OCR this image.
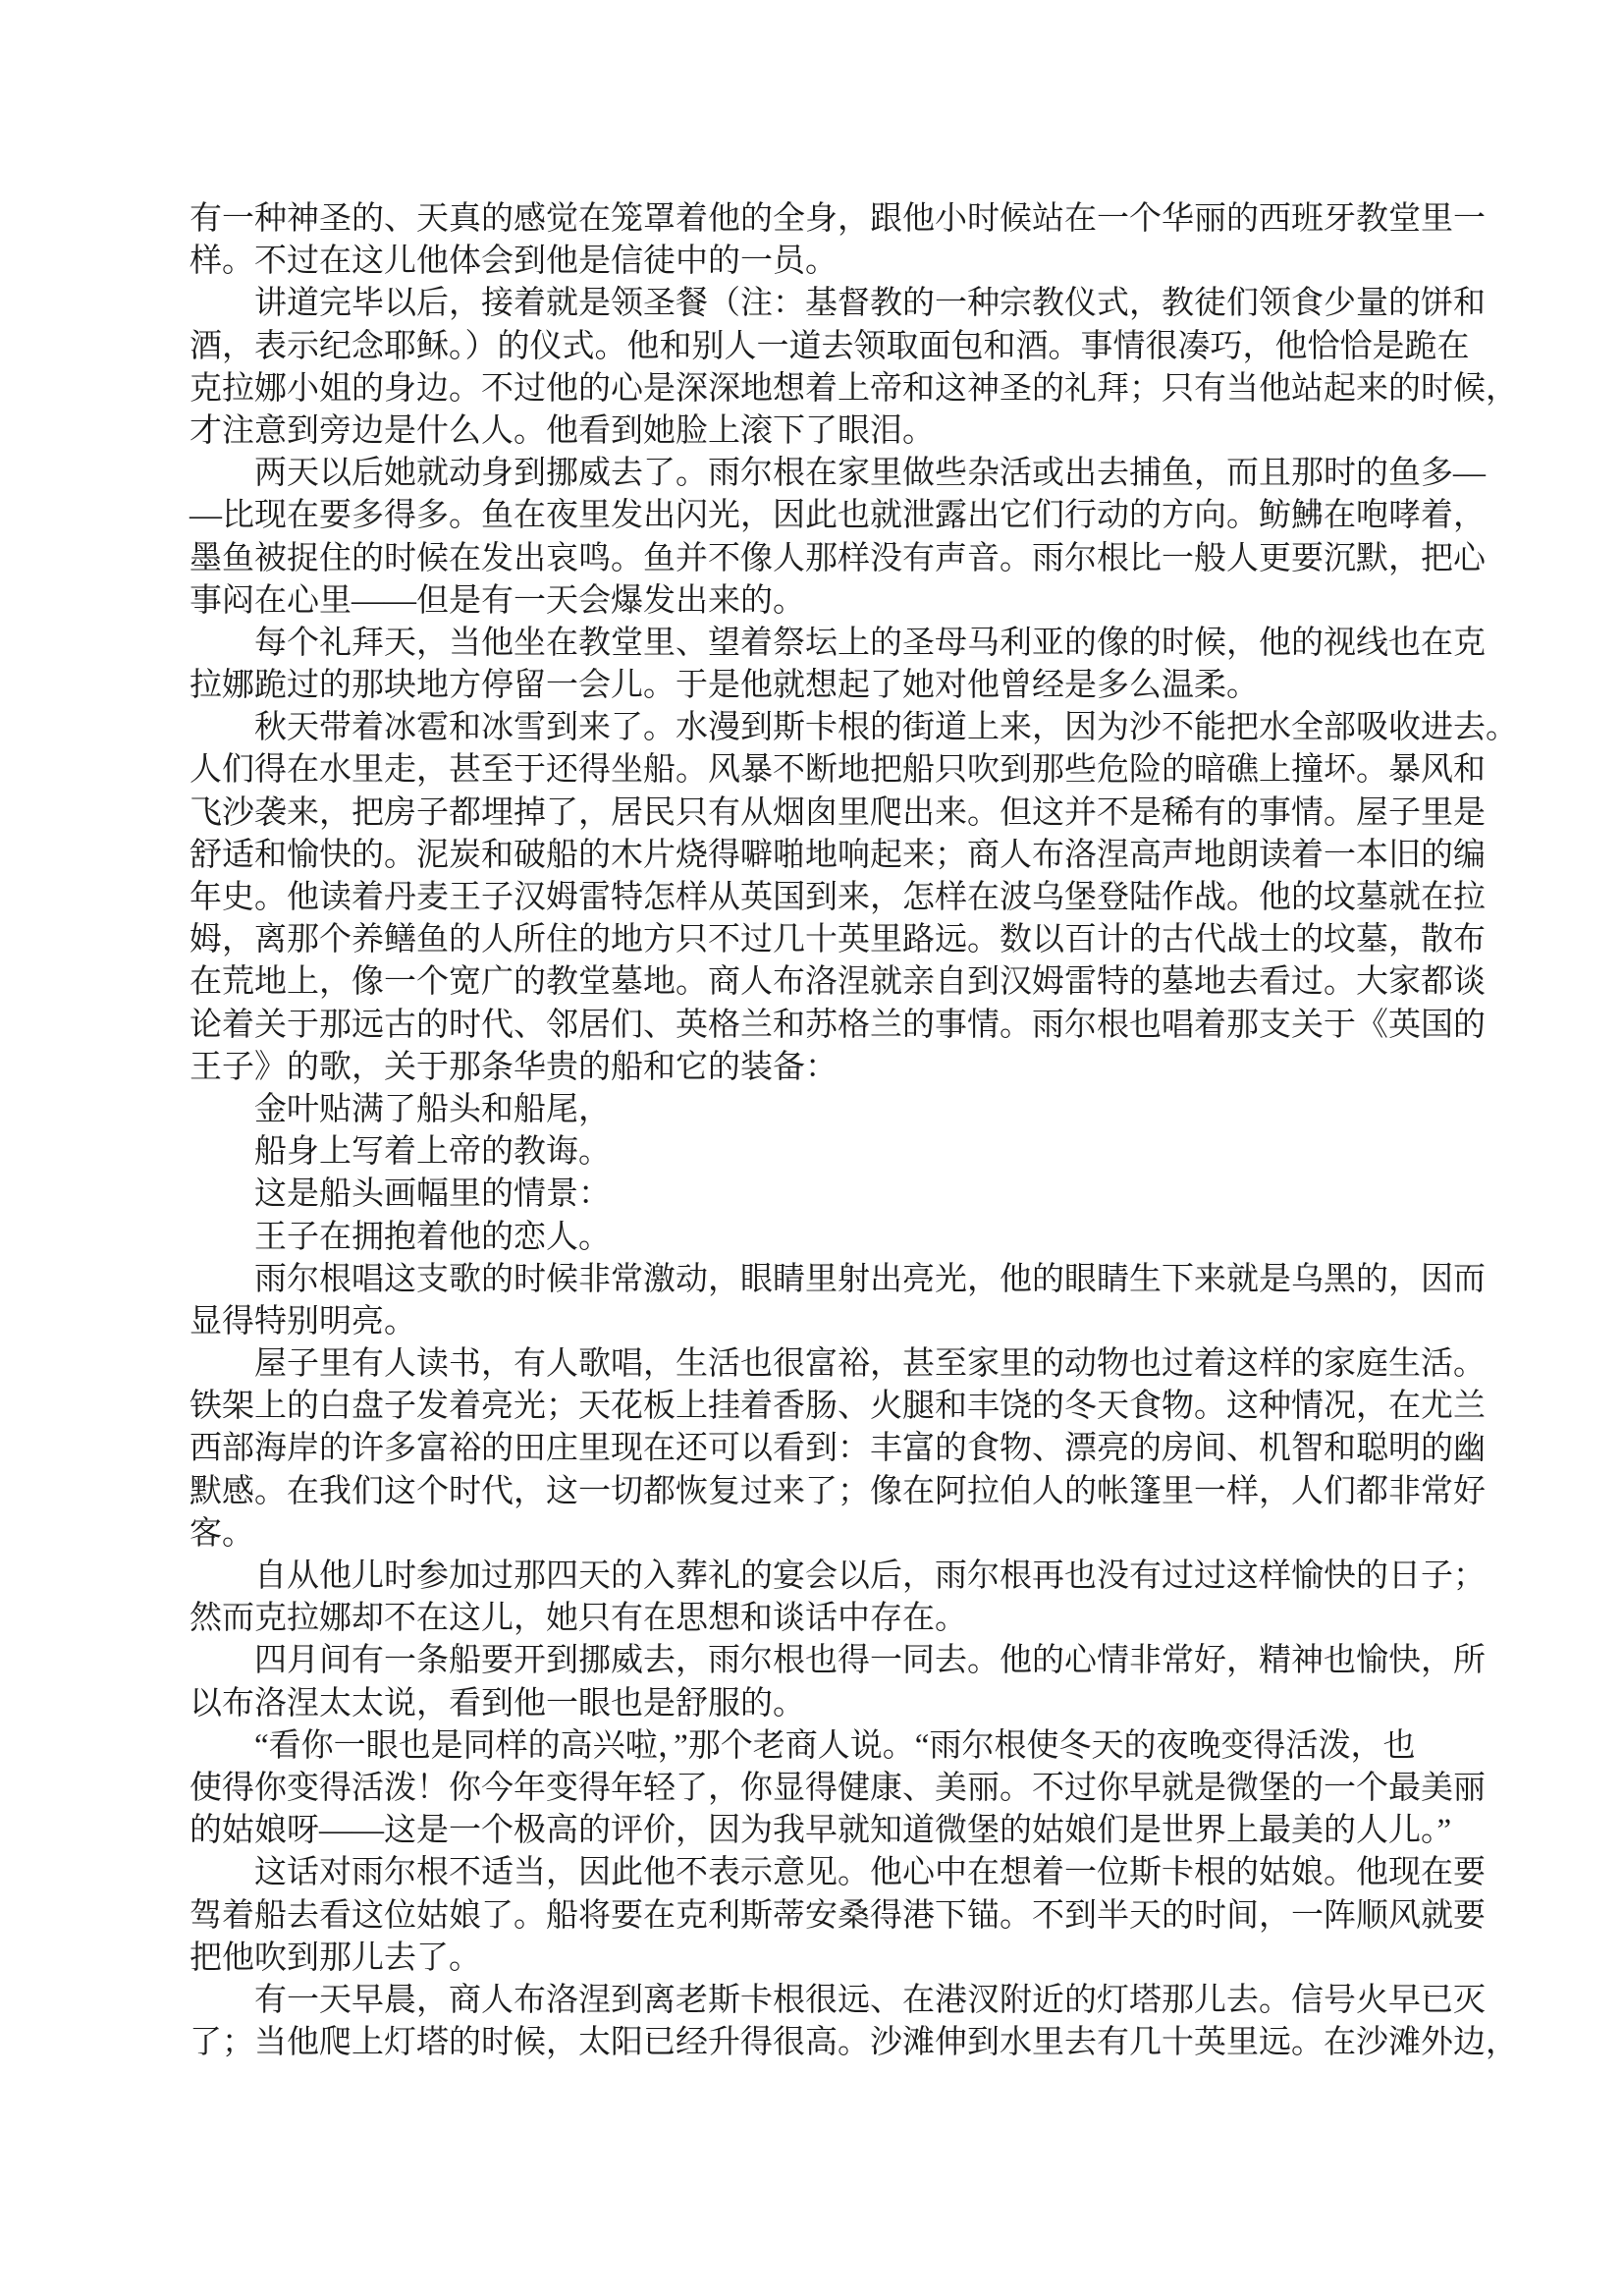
有一种神圣的、天真的感觉在笼罩着他的全身，跟他小时候站在一个华丽的西班牙教堂里一
样。不过在这儿他体会到他是信徒中的一员。
讲道完毕以后，接着就是领圣餐（注：基督教的一种宗教仪式，教徒们领食少量的饼和
酒，表示纪念耶稣。）的仪式。他和别人一道去领取面包和酒。事情很凑巧，他恰恰是跪在
克拉娜小姐的身边。不过他的心是深深地想着上帝和这神圣的礼拜；只有当他站起来的时候，
才注意到旁边是什么人。他看到她脸上滚下了眼泪。
两天以后她就动身到挪威去了。雨尔根在家里做些杂活或出去捕鱼，而且那时的鱼多—
—比现在要多得多。鱼在夜里发出闪光，因此也就泄露出它们行动的方向。鲂鮄在咆哮着，
墨鱼被捉住的时候在发出哀鸣。鱼并不像人那样没有声音。雨尔根比一般人更要沉默，把心
事闷在心里——但是有一天会爆发出来的。
每个礼拜天，当他坐在教堂里、望着祭坛上的圣母马利亚的像的时候，他的视线也在克
拉娜跪过的那块地方停留一会儿。于是他就想起了她对他曾经是多么温柔。
秋天带着冰雹和冰雪到来了。水漫到斯卡根的街道上来，因为沙不能把水全部吸收进去。
人们得在水里走，甚至于还得坐船。风暴不断地把船只吹到那些危险的暗礁上撞坏。暴风和
飞沙袭来，把房子都埋掉了，居民只有从烟囱里爬出来。但这并不是稀有的事情。屋子里是
舒适和愉快的。泥炭和破船的木片烧得噼啪地响起来；商人布洛涅高声地朗读着一本旧的编
年史。他读着丹麦王子汉姆雷特怎样从英国到来，怎样在波乌堡登陆作战。他的坟墓就在拉
姆，离那个养鳝鱼的人所住的地方只不过几十英里路远。数以百计的古代战士的坟墓，散布
在荒地上，像一个宽广的教堂墓地。商人布洛涅就亲自到汉姆雷特的墓地去看过。大家都谈
论着关于那远古的时代、邻居们、英格兰和苏格兰的事情。雨尔根也唱着那支关于《英国的
王子》的歌，关于那条华贵的船和它的装备：
金叶贴满了船头和船尾，
船身上写着上帝的教诲。
这是船头画幅里的情景：
王子在拥抱着他的恋人。
雨尔根唱这支歌的时候非常激动，眼睛里射出亮光，他的眼睛生下来就是乌黑的，因而
显得特别明亮。
屋子里有人读书，有人歌唱，生活也很富裕，甚至家里的动物也过着这样的家庭生活。
铁架上的白盘子发着亮光；天花板上挂着香肠、火腿和丰饶的冬天食物。这种情况，在尤兰
西部海岸的许多富裕的田庄里现在还可以看到：丰富的食物、漂亮的房间、机智和聪明的幽
默感。在我们这个时代，这一切都恢复过来了；像在阿拉伯人的帐篷里一样，人们都非常好
客。
自从他儿时参加过那四天的入葬礼的宴会以后，雨尔根再也没有过过这样愉快的日子；
然而克拉娜却不在这儿，她只有在思想和谈话中存在。
四月间有一条船要开到挪威去，雨尔根也得一同去。他的心情非常好，精神也愉快，所
以布洛涅太太说，看到他一眼也是舒服的。
“看你一眼也是同样的高兴啦，”那个老商人说。“雨尔根使冬天的夜晚变得活泼，也
使得你变得活泼！你今年变得年轻了，你显得健康、美丽。不过你早就是微堡的一个最美丽
的姑娘呀——这是一个极高的评价，因为我早就知道微堡的姑娘们是世界上最美的人儿。”
这话对雨尔根不适当，因此他不表示意见。他心中在想着一位斯卡根的姑娘。他现在要
驾着船去看这位姑娘了。船将要在克利斯蒂安桑得港下锚。不到半天的时间，一阵顺风就要
把他吹到那儿去了。
有一天早晨，商人布洛涅到离老斯卡根很远、在港汊附近的灯塔那儿去。信号火早已灭
了；当他爬上灯塔的时候，太阳已经升得很高。沙滩伸到水里去有几十英里远。在沙滩外边，
